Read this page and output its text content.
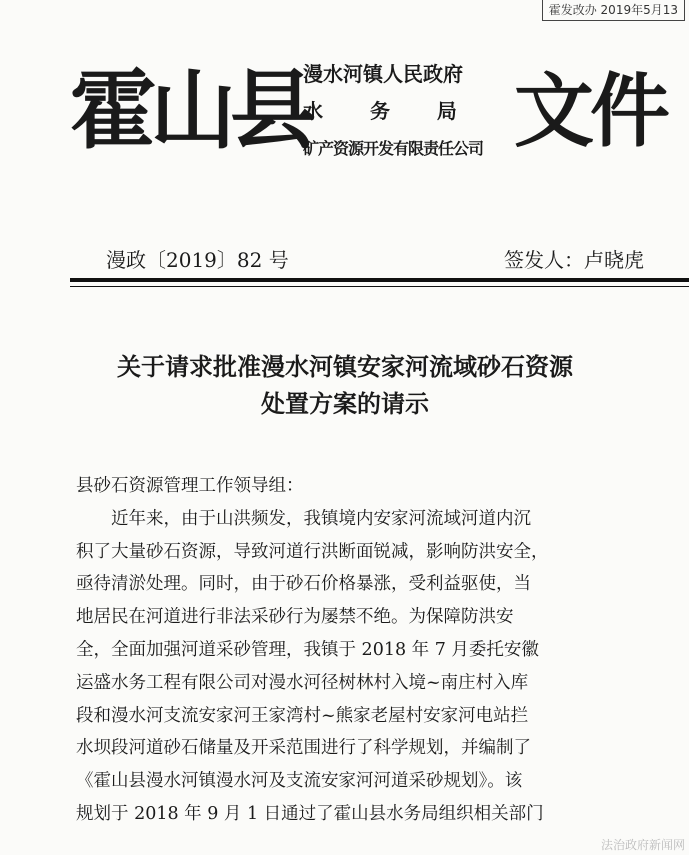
霍发改办 2019年5月13
霍山县
漫水河镇人民政府
水 务 局
矿产资源开发有限责任公司 文件
漫政〔2019〕82 号	签发人：卢晓虎
关于请求批准漫水河镇安家河流域砂石资源
处置方案的请示
县砂石资源管理工作领导组：
　　近年来，由于山洪频发，我镇境内安家河流域河道内沉
积了大量砂石资源，导致河道行洪断面锐减，影响防洪安全，
亟待清淤处理。同时，由于砂石价格暴涨，受利益驱使，当
地居民在河道进行非法采砂行为屡禁不绝。为保障防洪安
全，全面加强河道采砂管理，我镇于 2018 年 7 月委托安徽
运盛水务工程有限公司对漫水河径树林村入境~南庄村入库
段和漫水河支流安家河王家湾村~熊家老屋村安家河电站拦
水坝段河道砂石储量及开采范围进行了科学规划，并编制了
《霍山县漫水河镇漫水河及支流安家河河道采砂规划》。该
规划于 2018 年 9 月 1 日通过了霍山县水务局组织相关部门
法治政府新闻网
